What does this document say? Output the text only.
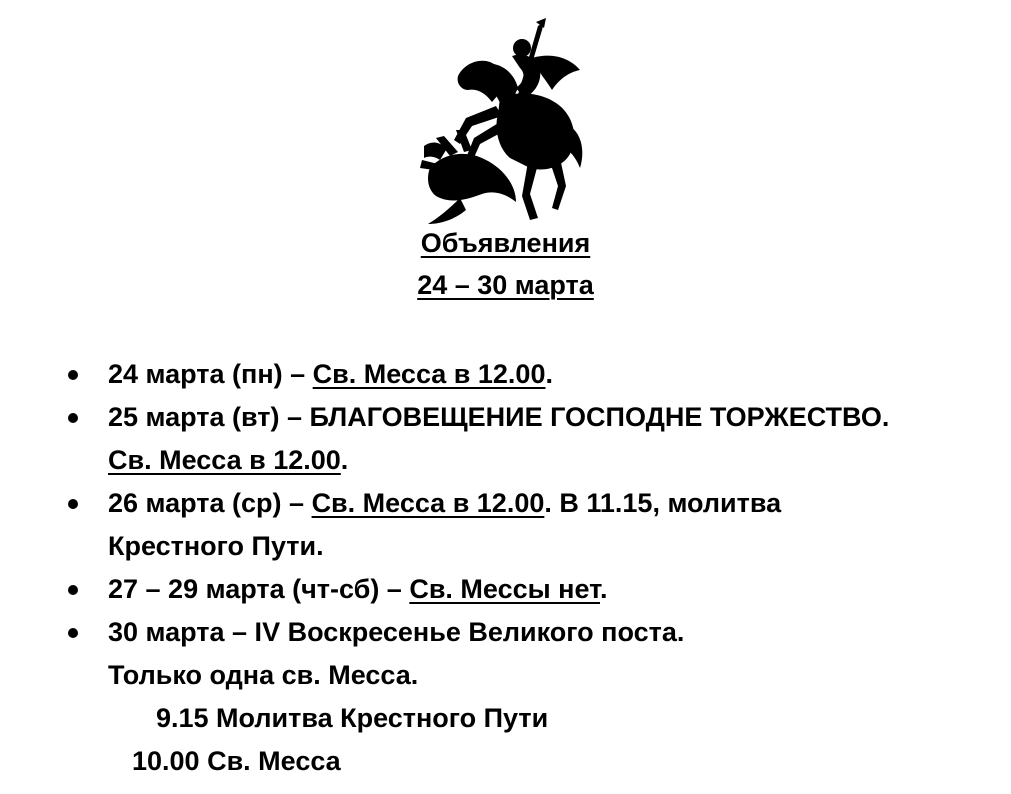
Объявления
24 – 30 марта
24 марта (пн) – Св. Месса в 12.00.
25 марта (вт) – БЛАГОВЕЩЕНИЕ ГОСПОДНЕ ТОРЖЕСТВО.
Св. Месса в 12.00.
26 марта (ср) – Св. Месса в 12.00. В 11.15, молитва
Крестного Пути.
27 – 29 марта (чт-сб) – Св. Мессы нет.
30 марта – IV Воскресенье Великого поста.
Только одна св. Месса.
9.15 Молитва Крестного Пути
10.00 Св. Месса
